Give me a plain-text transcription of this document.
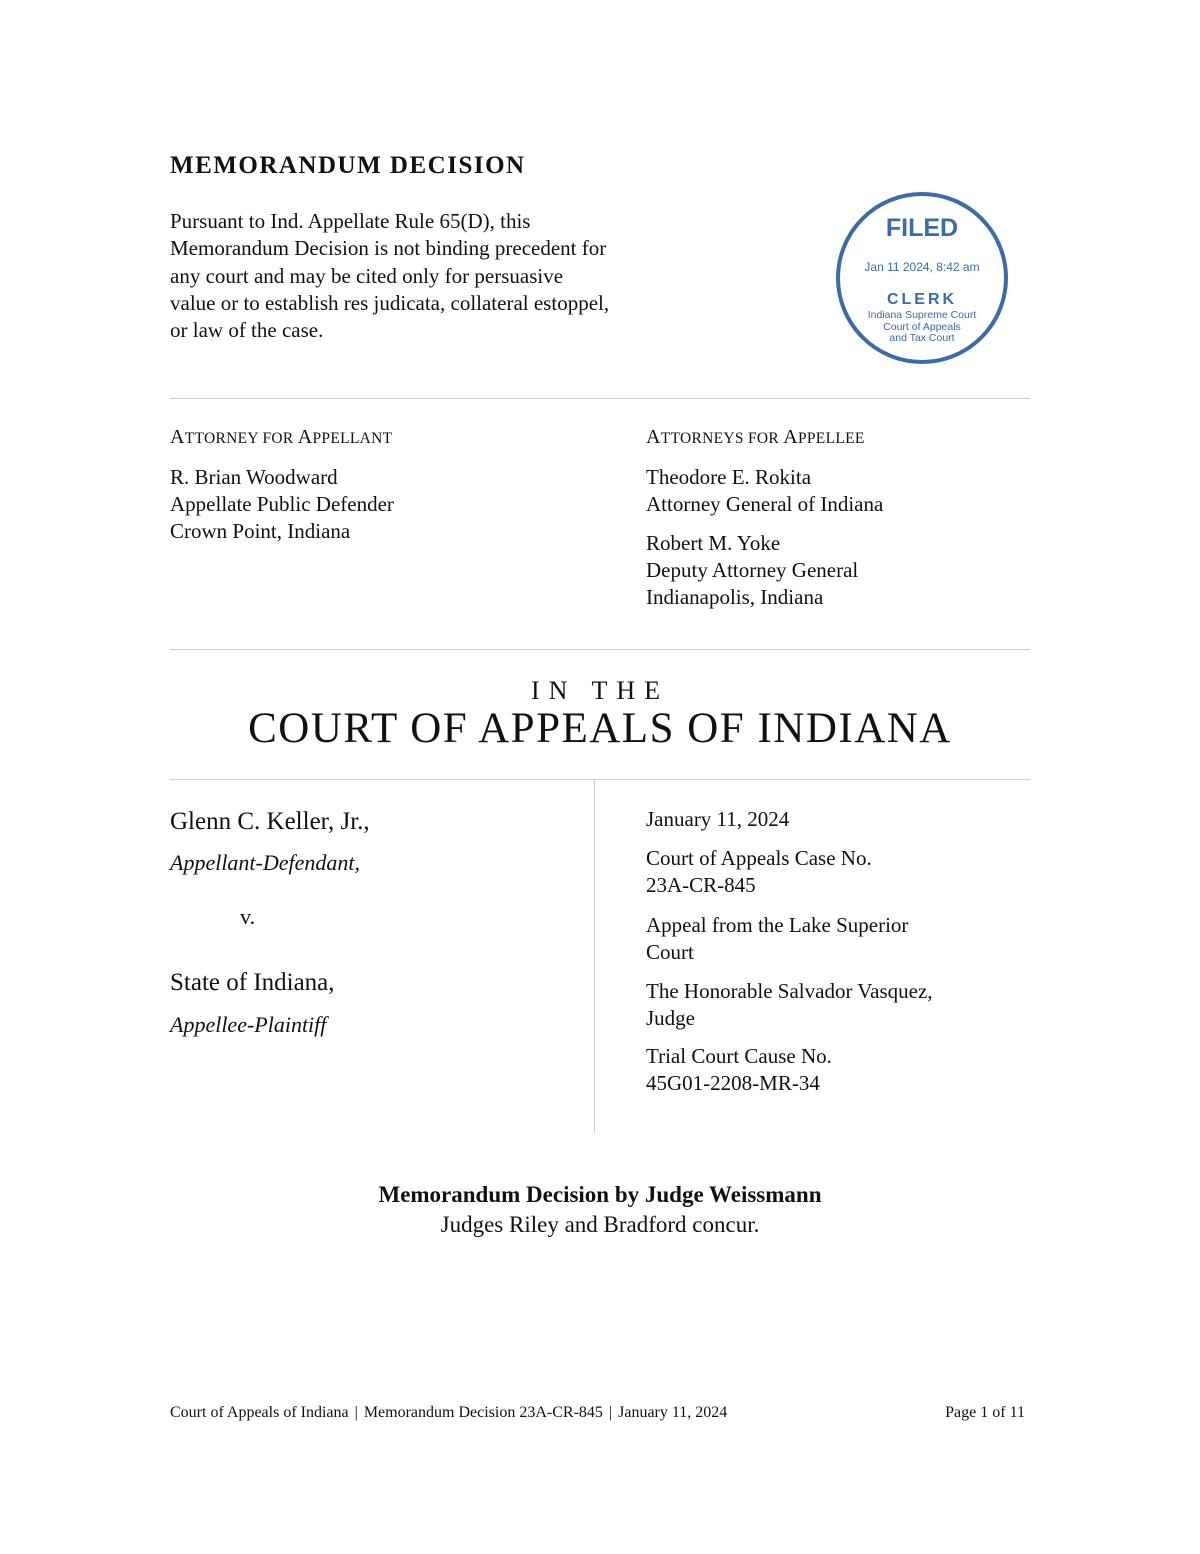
MEMORANDUM DECISION
Pursuant to Ind. Appellate Rule 65(D), this Memorandum Decision is not binding precedent for any court and may be cited only for persuasive value or to establish res judicata, collateral estoppel, or law of the case.
FILED
Jan 11 2024, 8:42 am
CLERK
Indiana Supreme Court
Court of Appeals
and Tax Court
ATTORNEY FOR APPELLANT
R. Brian Woodward
Appellate Public Defender
Crown Point, Indiana
ATTORNEYS FOR APPELLEE
Theodore E. Rokita
Attorney General of Indiana
Robert M. Yoke
Deputy Attorney General
Indianapolis, Indiana
IN THE
COURT OF APPEALS OF INDIANA
Glenn C. Keller, Jr.,
Appellant-Defendant,
v.
State of Indiana,
Appellee-Plaintiff
January 11, 2024
Court of Appeals Case No.
23A-CR-845
Appeal from the Lake Superior
Court
The Honorable Salvador Vasquez,
Judge
Trial Court Cause No.
45G01-2208-MR-34
Memorandum Decision by Judge Weissmann
Judges Riley and Bradford concur.
Court of Appeals of Indiana | Memorandum Decision 23A-CR-845 | January 11, 2024	Page 1 of 11
